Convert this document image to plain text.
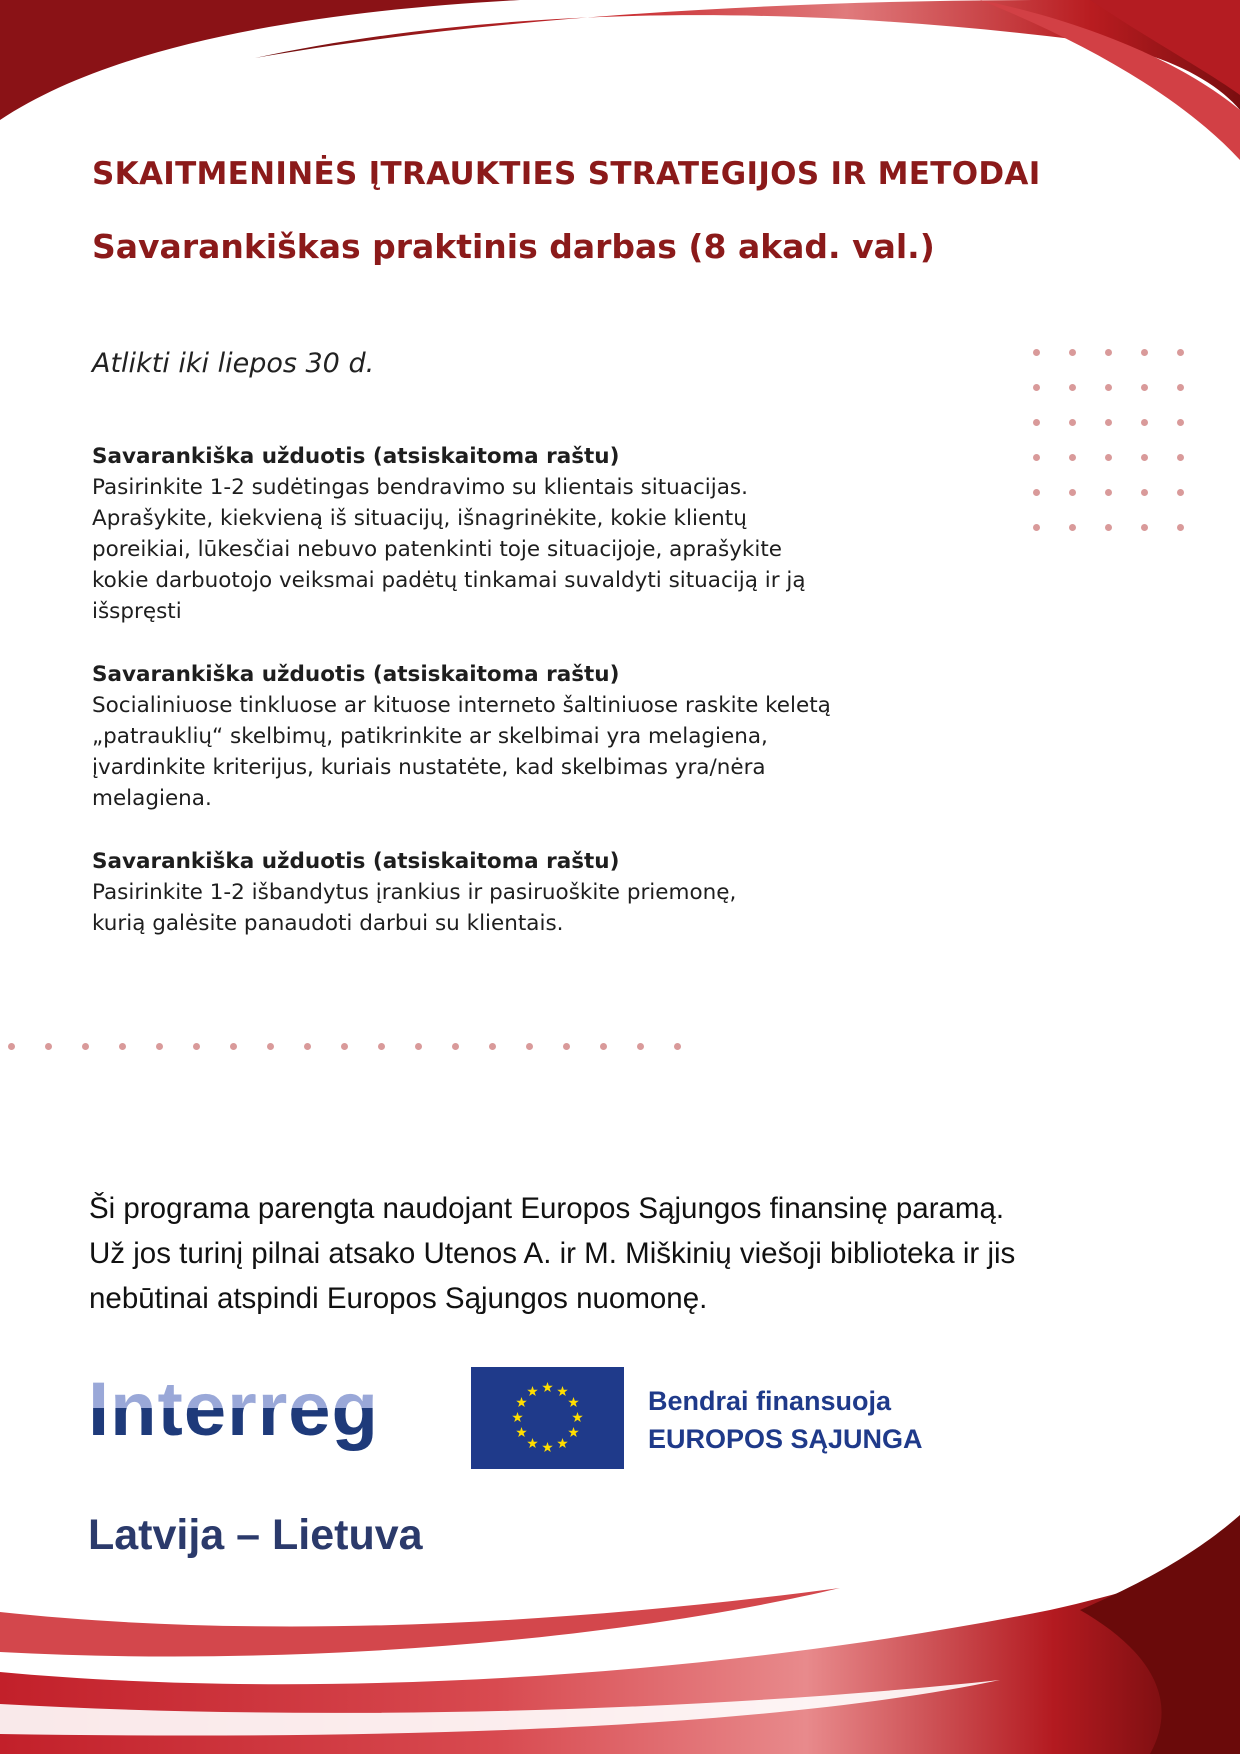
SKAITMENINĖS ĮTRAUKTIES STRATEGIJOS IR METODAI
Savarankiškas praktinis darbas (8 akad. val.)
Atlikti iki liepos 30 d.
Savarankiška užduotis (atsiskaitoma raštu)

Pasirinkite 1-2 sudėtingas bendravimo su klientais situacijas.

Aprašykite, kiekvieną iš situacijų, išnagrinėkite, kokie klientų

poreikiai, lūkesčiai nebuvo patenkinti toje situacijoje, aprašykite

kokie darbuotojo veiksmai padėtų tinkamai suvaldyti situaciją ir ją

išspręsti

Savarankiška užduotis (atsiskaitoma raštu)

Socialiniuose tinkluose ar kituose interneto šaltiniuose raskite keletą

„patrauklių“ skelbimų, patikrinkite ar skelbimai yra melagiena,

įvardinkite kriterijus, kuriais nustatėte, kad skelbimas yra/nėra

melagiena.

Savarankiška užduotis (atsiskaitoma raštu)

Pasirinkite 1-2 išbandytus įrankius ir pasiruoškite priemonę,

kurią galėsite panaudoti darbui su klientais.

Ši programa parengta naudojant Europos Sąjungos finansinę paramą.
Už jos turinį pilnai atsako Utenos A. ir M. Miškinių viešoji biblioteka ir jis
nebūtinai atspindi Europos Sąjungos nuomonę.
Interreg
Latvija – Lietuva
Bendrai finansuoja
EUROPOS SĄJUNGA
